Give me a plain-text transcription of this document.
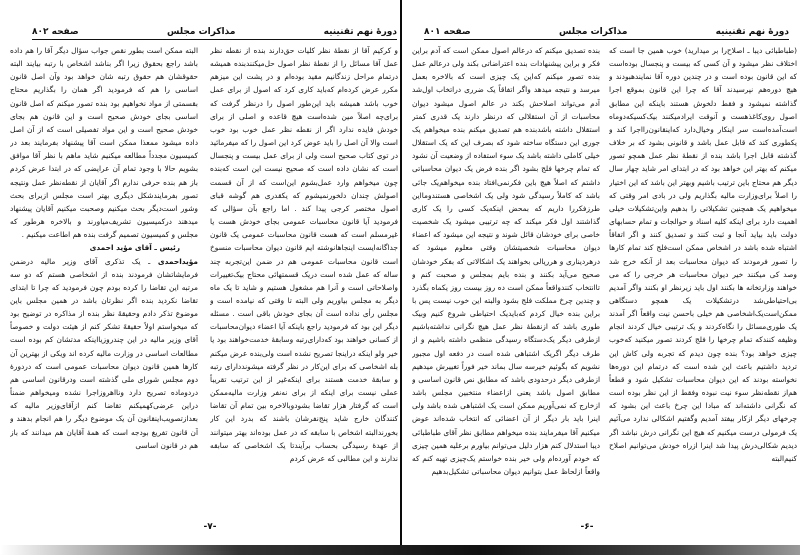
دورهٔ نهم تقنینیه
مذاکرات مجلس
صفحه ۸۰۲

و کرکیم آقا از نقطهٔ نظر کلیات حق‌دارند بنده از نقطه نظر عمل آقا مسائل را از نقطهٔ نظر اصول حل‌میکنندبنده همیشه درتمام مراحل زندگانیم مقید بوده‌ام و در پشت این میزهم مکرر عرض کرده‌ام که‌باید کاری کرد که اصول از برای عمل خوب باشد همیشه باید این‌طور اصول را درنظر گرفت که برای‌چه اصلاً مین شده‌است هیچ قاعده و اصلی از برای خودش فایده ندارد اگر از نقطه نظر عمل خوب بود خوب است والا آن اصل را باید عوض کرد این اصول را که میفرمائید در توی کتاب صحیح است ولی از برای عمل بیست و پنجسال است که نشان داده است که صحیح نیست این است که‌بنده چون میخواهم وارد عمل‌بشوم این‌است که از آن قسمت اصولش چندان دلخور‌نمیشوم که یکقدری هم گوشه قبای اصول مختصر کرجی پیدا کند . اما راجع بآن سؤالی که فرمودید آیا قانون محاسبات عمومی بجای خودش هست یا غیرمسلم است که هست قانون محاسبات عمومی یک قانون جداگانه‌ایست اینجاهانوشته ایم قانون دیوان محاسبات منسوخ است قانون محاسبات عمومی هم در ضمن این‌تجربه چند ساله که عمل شده است دریک قسمتهائی محتاج بیک‌تغییرات واصلاحاتی است و آنرا هم مشغول هستیم و شاید تا یک ماه دیگر به مجلس بیاوریم ولی البته تا وقتی که نیامده است و مجلس رأی نداده است آن بجای خودش باقی است . مسئله دیگر این بود که فرمودید راجع باینکه آیا اعضاء دیوان‌محاسبات از کسانی خواهند بود که‌دارای‌رتبه وسابقهٔ خدمت‌خواهند بود یا خیر ولو اینکه دراینجا تصریح نشده است ولی‌بنده عرض میکنم بله اشخاصی که برای این‌کار در نظر گرفته میشوند‌دارای رتبه و سابقهٔ خدمت هستند برای اینکه‌غیر از این ترتیب تقریباً عملی نیست برای اینکه از برای نه‌نفر وزارت مالیه‌ممکن است که گرفتار هزار تقاضا بشود‌وبالاخره بین تمام آن تقاضا کنندگان خارج شاید پنج‌نفرشان باشند که بدرد این کار بخورند‌البته اشخاص با سابقه که در عمل بوده‌اند بهتر میتوانند از عهدهٔ رسیدگی بحساب برآیند‌تا یک اشخاصی که سابقه ندارند و این مطالبی که عرض کردم

البته ممکن است بطور نقص جواب سؤال دیگر آقا را هم داده باشد راجع بحقوق زیرا اگر بناشد اشخاص با رتبه بیایند البته حقوقشان هم حقوق رتبه شان خواهد بود وآن اصل قانون اساسی را هم که فرمودید اگر همان را بگذاریم محتاج بقسمتی از مواد نخواهیم بود بنده تصور میکنم که اصل قانون اساسی بجای خودش صحیح است و این قانون هم بجای خودش صحیح است و این مواد تفصیلی است که از آن اصل داده میشود ممعذا ممکن است آقا پیشنهاد بفرمایند بعد در کمیسیون مجدداً مطالعه میکنیم شاید ماهم با نظر آقا موافق بشویم حالا با وجود تمام آن عرایضی که در ابتدا عرض کردم باز هم بنده حرفی ندارم اگر آقایان از نقطه‌نظر عمل ونتیجه تصور بفرمایندشکل دیگری بهتر است مجلس ازبرای بحث وشور است‌دیگر بحث میکنیم وصحبت میکنیم آقایان پیشنهاد میدهند درکمیسیون تشریف‌میاورند و بالاخره هرطور که مجلس و کمیسیون تصمیم گرفت بنده هم اطاعت میکنیم .

رئیس ـ آقای مؤید احمدی

مؤیداحمدی ـ یک تذکری آقای وزیر مالیه درضمن فرمایشاتشان فرمودند بنده از اشخاصی هستم که دو سه مرتبه این تقاضا را کرده بودم چون فرمودید که چرا تا ابتدای تقاضا نکردید بنده اگر نظرتان باشد در همین مجلس باین موضوع تذکر دادم وحقیقهً نظر بنده از مذاکره در توضیح بود که میخواستم اولاً حقیقهً تشکر کنم از هیئت دولت و خصوصاً آقای وزیر مالیه در این چندروزیا‌اینکه مدتشان کم بوده است مطالعات اساسی در وزارت مالیه کرده اند ویکی از بهترین آن کارها همین قانون دیوان محاسبات عمومی است که دردورهٔ دوم مجلس شورای ملی گذشته است ودرقانون اساسی هم دردوماده تصریح دارد ونااهروزاجرا نشده ومیخواهم ضمناً دراین عرضی‌کهمیکنم تقاضا کنم ازآقای‌وزیر مالیه که بعدازتصویب‌اینقانون آن یک موضوع دیگر را هم انجام بدهند و آن قانون تفریغ بودجه است که همهٔ آقایان هم میدانند که باز هم در قانون اساسی

-۷-
دورهٔ نهم تقنینیه
مذاکرات مجلس
صفحه ۸۰۱

(طباطبائی دیبا ـ اصلاح‌را بر میدارید) خوب همین جا است که اختلاف نظر میشود و آن کسی که بیست و پنجسال بوده‌است که این قانون بوده است و در چندین دوره آقا نمایندهبودند و هیچ دوره‌هم نپرسیدند آقا که چرا این قانون بموقع اجرا گذاشته نمیشود و فقط دلخوش هستند باینکه این مطابق اصول روی‌کاغذهست و آنوقت ایرادمیکنند بیک‌کسیکه‌دوماه است‌آمده‌است سر اینکار وخیال‌دارد‌ که‌اینقانون‌را‌اجرا کند و یکطوری کند که قابل عمل باشد و قانونی بشود که بر خلاف گذشته قابل اجرا باشد بنده از نقطهٔ نظر عمل همچو تصور میکنم که بهتر این خواهد بود که در ابتدای امر شاید چهار سال دیگر هم محتاج باین ترتیب باشیم وبهتر این باشد که این اختیار را اصلاً برای‌وزارت مالیه بگذاریم ولی در بادی امر وقتی که میخواهیم یک همچنین تشکیلاتی را بدهیم واین‌تشکیلات خیلی اهمیت دارد برای اینکه کلیه اسناد و حوالجات و تمام حسابهای دولت باید بیاید آنجا و ثبت کنند و تصدیق کنند و اگر اتفاقاً اشتباه شده باشد در اشخاص ممکن است‌فلج کند تمام کارها را تصور فرمودند که دیوان محاسبات بعد از آنکه خرج شد وصد کی میکنند خیر دیوان محاسبات هر خرجی را که‌ می خواهند وزارتخانه ها بکنند اول باید زیرنظر او بکنند واگر آمدیم بی‌احتیاطی‌شد درتشکیلات یک همچو دستگاهی ممکن‌است‌یک‌اشخاصی هم خیلی باحسن نیت واقعاً اگر آمدند یک طوری‌مسائل را نگاه‌کردند و یک ترتیبی خیال کردند انجام وظیفه کنند‌که تمام چرخها را فلج کردند تصور میکنید که‌خوب چیزی خواهد بود؟ بنده چون دیدم که تجربه ولی کاش این تردید داشتیم باعث این شده است که درتمام این دوره‌ها نخواسته بودند که این دیوان محاسبات تشکیل شود و قطعاً هم‌از نقطه‌نظر سوء نیت نبوده وفقط از این نظر بوده است که نگرانی داشته‌اند که مبادا این چرخ باعث این بشود که چرخهای دیگر از‌کار بیفتد آمدیم وگفتیم اشکالی ندارد می‌آئیم یک فرمولی درست میکنیم که هیچ این نگرانی درش نباشد اگر دیدیم شکالی‌درش پیدا شد اینرا ازراه خودش می‌توانیم اصلاح کنیم‌البته

بنده تصدیق میکنم که درعالم اصول ممکن است که آدم براین فکر و براین پیشنهادات بنده اعتراضاتی بکند ولی درعالم عمل بنده تصور میکنم که‌این یک چیزی است که بالاخره بعمل میرسد و نتیجه میدهد واگر اتفاقاً یک ضرری دراتخاب اول‌شد آدم می‌تواند اصلاحش بکند در عالم اصول میشود دیوان محاسبات از آن استقلالی که درنظر دارند یک قدری کمتر استقلال داشته باشدبنده هم تصدیق میکنم بنده میخواهم یک جوری این دستگاه ساخته شود که بصرف این که یک استقلال خیلی کاملی داشته باشد یک سوء استفاده از وضعیت آن نشود که تمام چرخها فلج بشود اگر بنده فرض یک دیوان محاسباتی داشتم که اصلاً هیچ باین فکرنمی‌افتاد بنده میخواهم‌یک جائی باشد که کاملاً رسیدگی شود ولی یک اشخاصی هستندومااین طرزفکررا داریم که بمحض اینکه‌یک کسی را یک کاری گذاشتند اول فکر میکند که چه ترتیبی میشود یک شخصیت خاصی برای خودشان قائل شوند و نتیجه این میشود که اعضاء دیوان محاسبات شخصیتشان وقتی معلوم میشود که درهردیناری و هرریالی بخواهند یک اشکالاتی که بفکر خودشان صحیح می‌آید بکنند و بنده بایم بمجلس و صحبت کنم و تاانتخاب کنندواقعاً ممکن است ده روز بیست روز یکماه بگذرد و چندین چرخ مملکت فلج بشود والبته این خوب نیست پس با براین بنده خیال کردم که‌باید‌یک احتیاطی شروع کنیم وبیک طوری باشد که ازنقطهٔ نظر عمل هیچ نگرانی نداشته‌باشیم ازطرفی دیگر یک‌دستگاه رسیدگی منظمی داشته باشیم و از طرف دیگر اگر‌یک اشتباهی شده است در دفعه اول مجبور نشویم که بگوئیم‌ خیر‌سه سال بماند خیر فوراً تغییرش میدهیم ازطرفی دیگر درحدودی باشد که مطابق نص قانون اساسی و مطابق اصول باشد یعنی ازاعضاء منتخبین مجلس باشد ازخارج که نمی‌آوریم ممکن است یک اشتباهی شده باشد ولی اینرا باید‌ بار دیگر از آن اعضائی که انتخاب شده‌اند عوض میکنیم آقا میفرمایند بنده میخواهم مطابق نظر آقای طباطبائی دیبا استدلال کنم هزار دلیل می‌توانم بیاورم برعلیه همین چیزی که خودم آورده‌ام ولی خیر بنده خواستم یک‌چیزی تهیه کنم که واقعاً ازلحاظ عمل بتوانیم دیوان محاسباتی تشکیل‌بدهیم

-۶-
